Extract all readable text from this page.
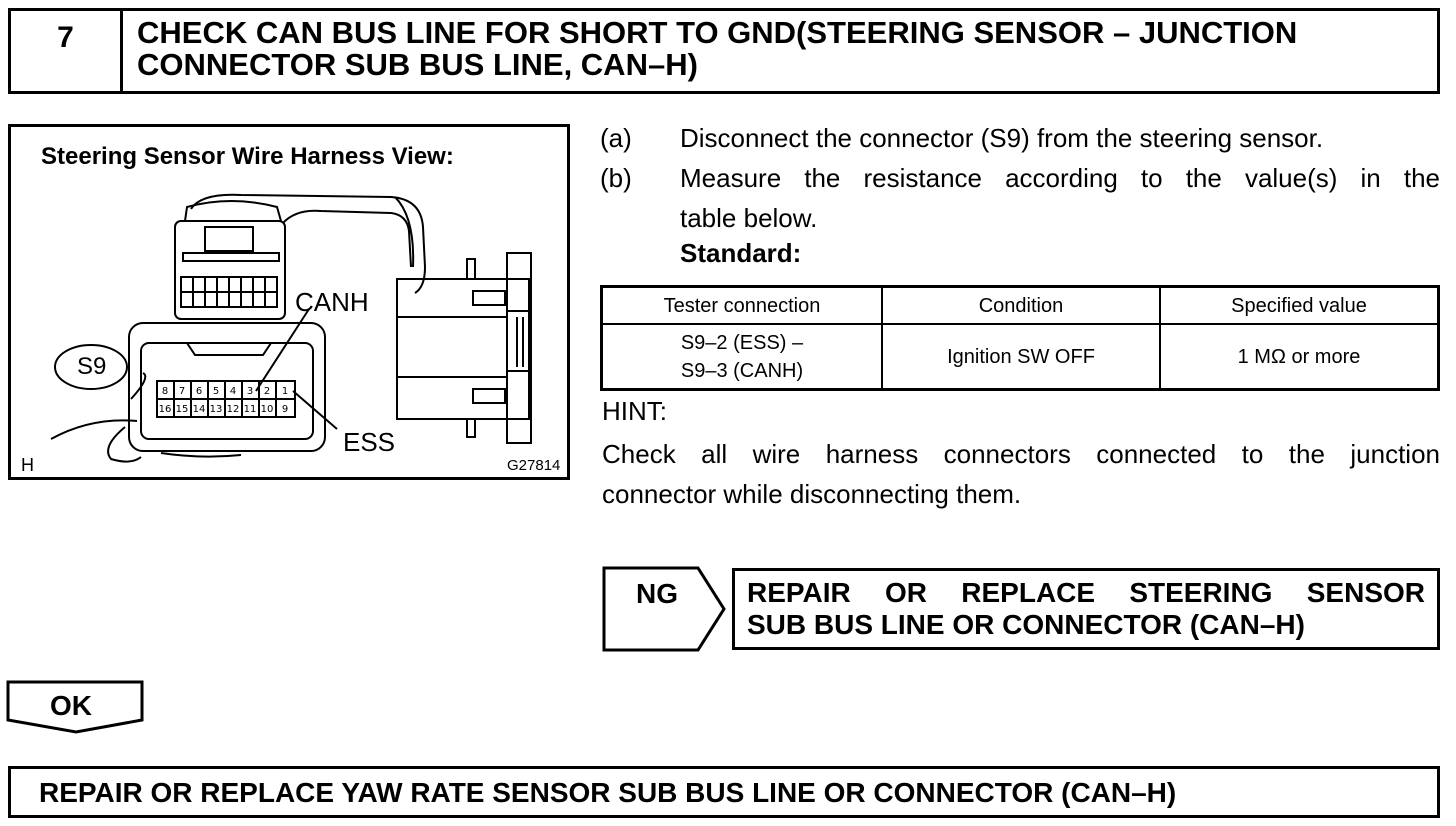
7	CHECK CAN BUS LINE FOR SHORT TO GND(STEERING SENSOR – JUNCTION
CONNECTOR SUB BUS LINE, CAN–H)
8 7 6 5 4 3 2 1
16 15 14 13 12 11 10 9
Steering Sensor Wire Harness View:
CANH
ESS
S9
H	G27814
(a) Disconnect the connector (S9) from the steering sensor.
(b) Measure the resistance according to the value(s) in the
table below.
Standard:
Tester connection	Condition	Specified value
S9–2 (ESS) –
S9–3 (CANH)
Ignition SW OFF	1 MΩ or more
HINT:
Check all wire harness connectors connected to the junction
connector while disconnecting them.
NG REPAIR OR REPLACE STEERING SENSOR
SUB BUS LINE OR CONNECTOR (CAN–H)
OK
REPAIR OR REPLACE YAW RATE SENSOR SUB BUS LINE OR CONNECTOR (CAN–H)
